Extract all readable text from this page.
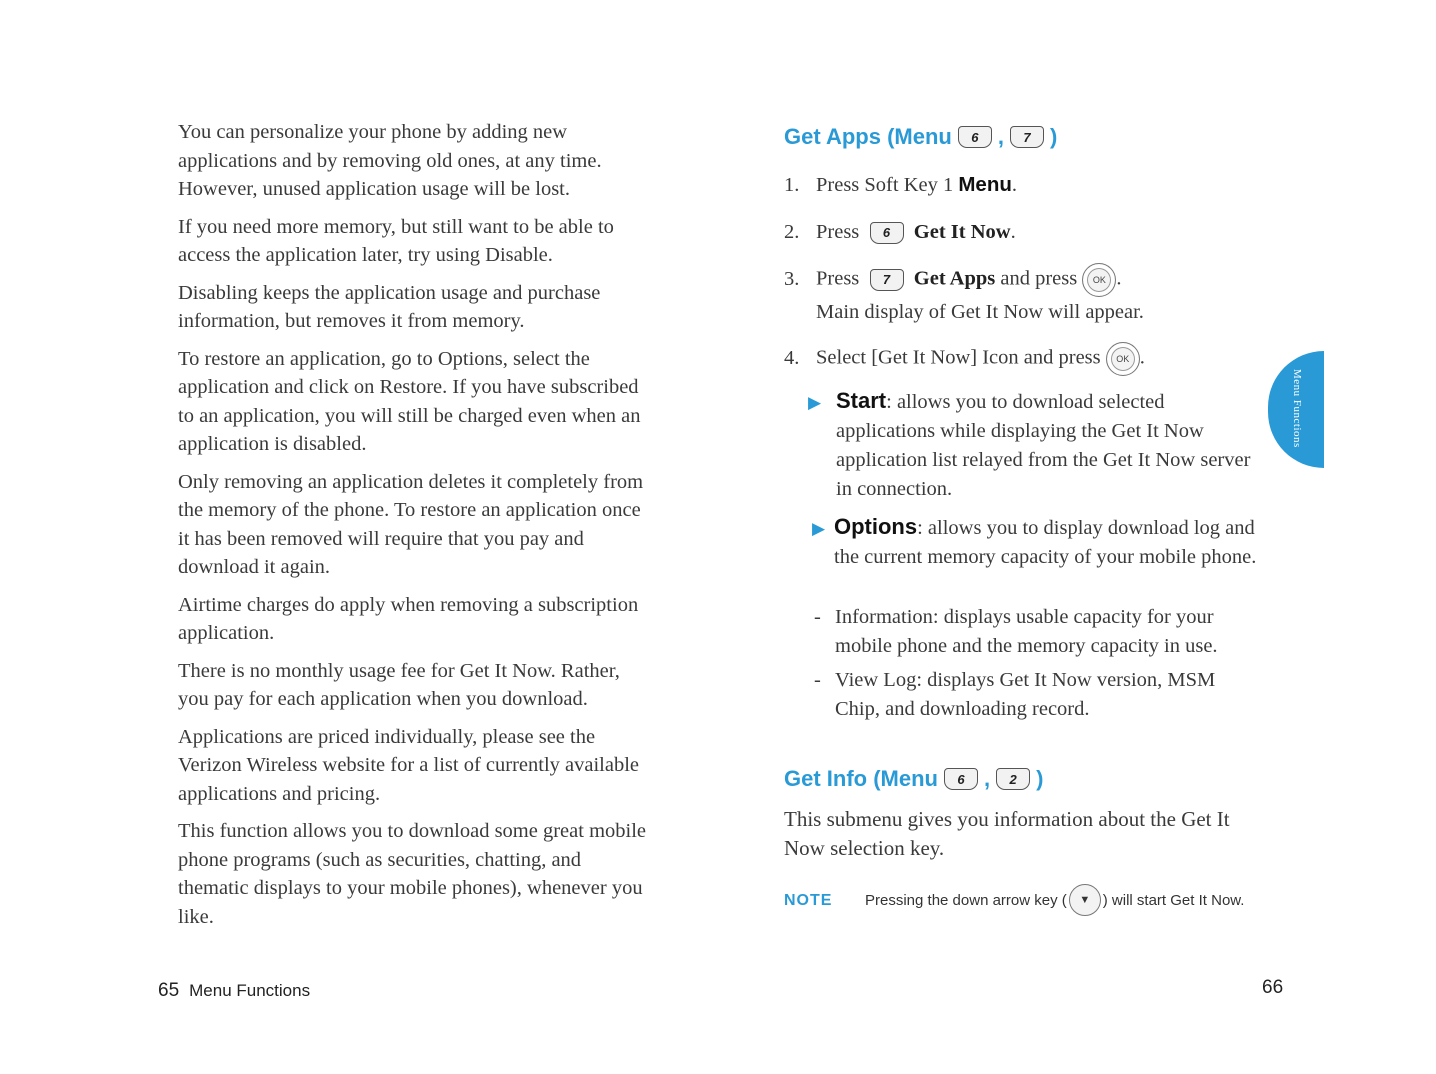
You can personalize your phone by adding new applications and by removing old ones, at any time. However, unused application usage will be lost.

If you need more memory, but still want to be able to access the application later, try using Disable.

Disabling keeps the application usage and purchase information, but removes it from memory.

To restore an application, go to Options, select the application and click on Restore. If you have subscribed to an application, you will still be charged even when an application is disabled.

Only removing an application deletes it completely from the memory of the phone. To restore an application once it has been removed will require that you pay and download it again.

Airtime charges do apply when removing a subscription application.

There is no monthly usage fee for Get It Now. Rather, you pay for each application when you download.

Applications are priced individually, please see the Verizon Wireless website for a list of currently available applications and pricing.

This function allows you to download some great mobile phone programs (such as securities, chatting, and thematic displays to your mobile phones), whenever you like.

Get Apps (Menu	6 ,	7 )
1. Press Soft Key 1 Menu.
2. Press 6 Get It Now.
3. Press 7 Get Apps and press OK .
Main display of Get It Now will appear.
4. Select [Get It Now] Icon and press OK .
▶ Start: allows you to download selected applications while displaying the Get It Now application list relayed from the Get It Now server in connection.
▶ Options: allows you to display download log and the current memory capacity of your mobile phone.
- Information: displays usable capacity for your mobile phone and the memory capacity in use.
- View Log: displays Get It Now version, MSM Chip, and downloading record.
Get Info (Menu	6 ,	2 )
This submenu gives you information about the Get It Now selection key.
NOTE Pressing the down arrow key (	▼ ) will start Get It Now.
Menu Functions
65 Menu Functions	66
